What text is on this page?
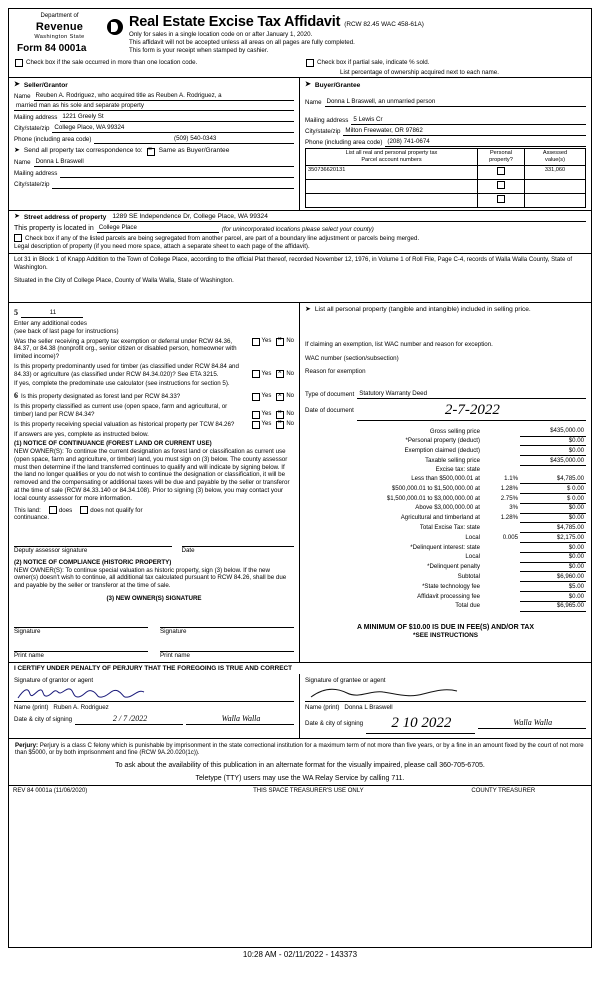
Department of
Revenue
Washington State
Form 84 0001a
Real Estate Excise Tax Affidavit (RCW 82.45 WAC 458-61A)
Only for sales in a single location code on or after January 1, 2020.
This affidavit will not be accepted unless all areas on all pages are fully completed.
This form is your receipt when stamped by cashier.
Check box if the sale occurred in more than one location code.	Check box if partial sale, indicate % sold.
List percentage of ownership acquired next to each name.
➤ Seller/Grantor
Name Reuben A. Rodriguez, who acquired title as Reuben A. Rodriguez, a
married man as his sole and separate property
Mailing address 1221 Greely St
City/state/zip College Place, WA 99324
Phone (including area code)	(509) 540-0343
➤ Send all property tax correspondence to: × Same as Buyer/Grantee
Name Donna L Braswell
Mailing address
City/state/zip
➤ Buyer/Grantee
Name Donna L Braswell, an unmarried person
Mailing address 5 Lewis Cr
City/state/zip Milton Freewater, OR 97862
Phone (including area code) (208) 741-0674
List all real and personal property tax
Parcel account numbers

Personal
property?

Assessed
value(s)

350736620131		331,060

➤ Street address of property 1289 SE Independence Dr, College Place, WA 99324
This property is located in College Place	(for unincorporated locations please select your county)
Check box if any of the listed parcels are being segregated from another parcel, are part of a boundary line adjustment or parcels being merged.
Legal description of property (if you need more space, attach a separate sheet to each page of the affidavit).
Lot 31 in Block 1 of Knapp Addition to the Town of College Place, according to the official Plat thereof, recorded November 12, 1976, in Volume 1 of Roll File, Page C-4, records of Walla Walla County, State of Washington.
Situated in the City of College Place, County of Walla Walla, State of Washington.
5	11
Enter any additional codes
(see back of last page for instructions)
Was the seller receiving a property tax exemption or deferral under RCW 84.36, 84.37, or 84.38 (nonprofit org., senior citizen or disabled person, homeowner with limited income)?
Yes ×	No
Is this property predominantly used for timber (as classified under RCW 84.84 and 84.33) or agriculture (as classified under RCW 84.34.020)? See ETA 3215.	Yes ×	No
If yes, complete the predominate use calculator (see instructions for section 5).
6 Is this property designated as forest land per RCW 84.33?	Yes ×	No
Is this property classified as current use (open space, farm and agricultural, or timber) land per RCW 84.34?	Yes ×	No
Is this property receiving special valuation as historical property per TCW 84.26?	Yes ×	No
If answers are yes, complete as instructed below.
(1) NOTICE OF CONTINUANCE (FOREST LAND OR CURRENT USE)
NEW OWNER(S): To continue the current designation as forest land or classification as current use (open space, farm and agriculture, or timber) land, you must sign on (3) below. The county assessor must then determine if the land transferred continues to qualify and will indicate by signing below. If the land no longer qualifies or you do not wish to continue the designation or classification, it will be removed and the compensating or additional taxes will be due and payable by the seller or transferor at the time of sale (RCW 84.33.140 or 84.34.108). Prior to signing (3) below, you may contact your local county assessor for more information.
This land:	does	does not qualify for
continuance.
Deputy assessor signature	Date
(2) NOTICE OF COMPLIANCE (HISTORIC PROPERTY)
NEW OWNER(S): To continue special valuation as historic property, sign (3) below. If the new owner(s) doesn't wish to continue, all additional tax calculated pursuant to RCW 84.26, shall be due and payable by the seller or transferor at the time of sale.
(3) NEW OWNER(S) SIGNATURE
Signature	Signature
Print name	Print name
➤ List all personal property (tangible and intangible) included in selling price.
If claiming an exemption, list WAC number and reason for exception.
WAC number (section/subsection)
Reason for exemption
Type of document Statutory Warranty Deed
Date of document	2-7-2022
Gross selling price		$435,000.00
*Personal property (deduct)		$0.00
Exemption claimed (deduct)		$0.00
Taxable selling price		$435,000.00
Excise tax: state		
Less than $500,000.01 at	1.1%	$4,785.00
$500,000.01 to $1,500,000.00 at	1.28%	$ 0.00
$1,500,000.01 to $3,000,000.00 at	2.75%	$ 0.00
Above $3,000,000.00 at	3%	$0.00
Agricultural and timberland at	1.28%	$0.00
Total Excise Tax: state		$4,785.00
Local	0.005	$2,175.00
*Delinquent interest: state		$0.00
Local		$0.00
*Delinquent penalty		$0.00
Subtotal		$6,960.00
*State technology fee		$5.00
Affidavit processing fee		$0.00
Total due		$6,965.00
A MINIMUM OF $10.00 IS DUE IN FEE(S) AND/OR TAX
*SEE INSTRUCTIONS
I CERTIFY UNDER PENALTY OF PERJURY THAT THE FOREGOING IS TRUE AND CORRECT
Signature of grantor or agent
Name (print) Ruben A. Rodriguez
Date & city of signing	2 / 7 /2022	Walla Walla
Signature of grantee or agent
Name (print) Donna L Braswell
Date & city of signing	2 10 2022	Walla Walla
Perjury: Perjury is a class C felony which is punishable by imprisonment in the state correctional institution for a maximum term of not more than five years, or by a fine in an amount fixed by the court of not more than $5000, or by both imprisonment and fine (RCW 9A.20.020(1c)).
To ask about the availability of this publication in an alternate format for the visually impaired, please call 360-705-6705.
Teletype (TTY) users may use the WA Relay Service by calling 711.
REV 84 0001a (11/06/2020)	THIS SPACE TREASURER'S USE ONLY	COUNTY TREASURER
10:28 AM - 02/11/2022 - 143373
